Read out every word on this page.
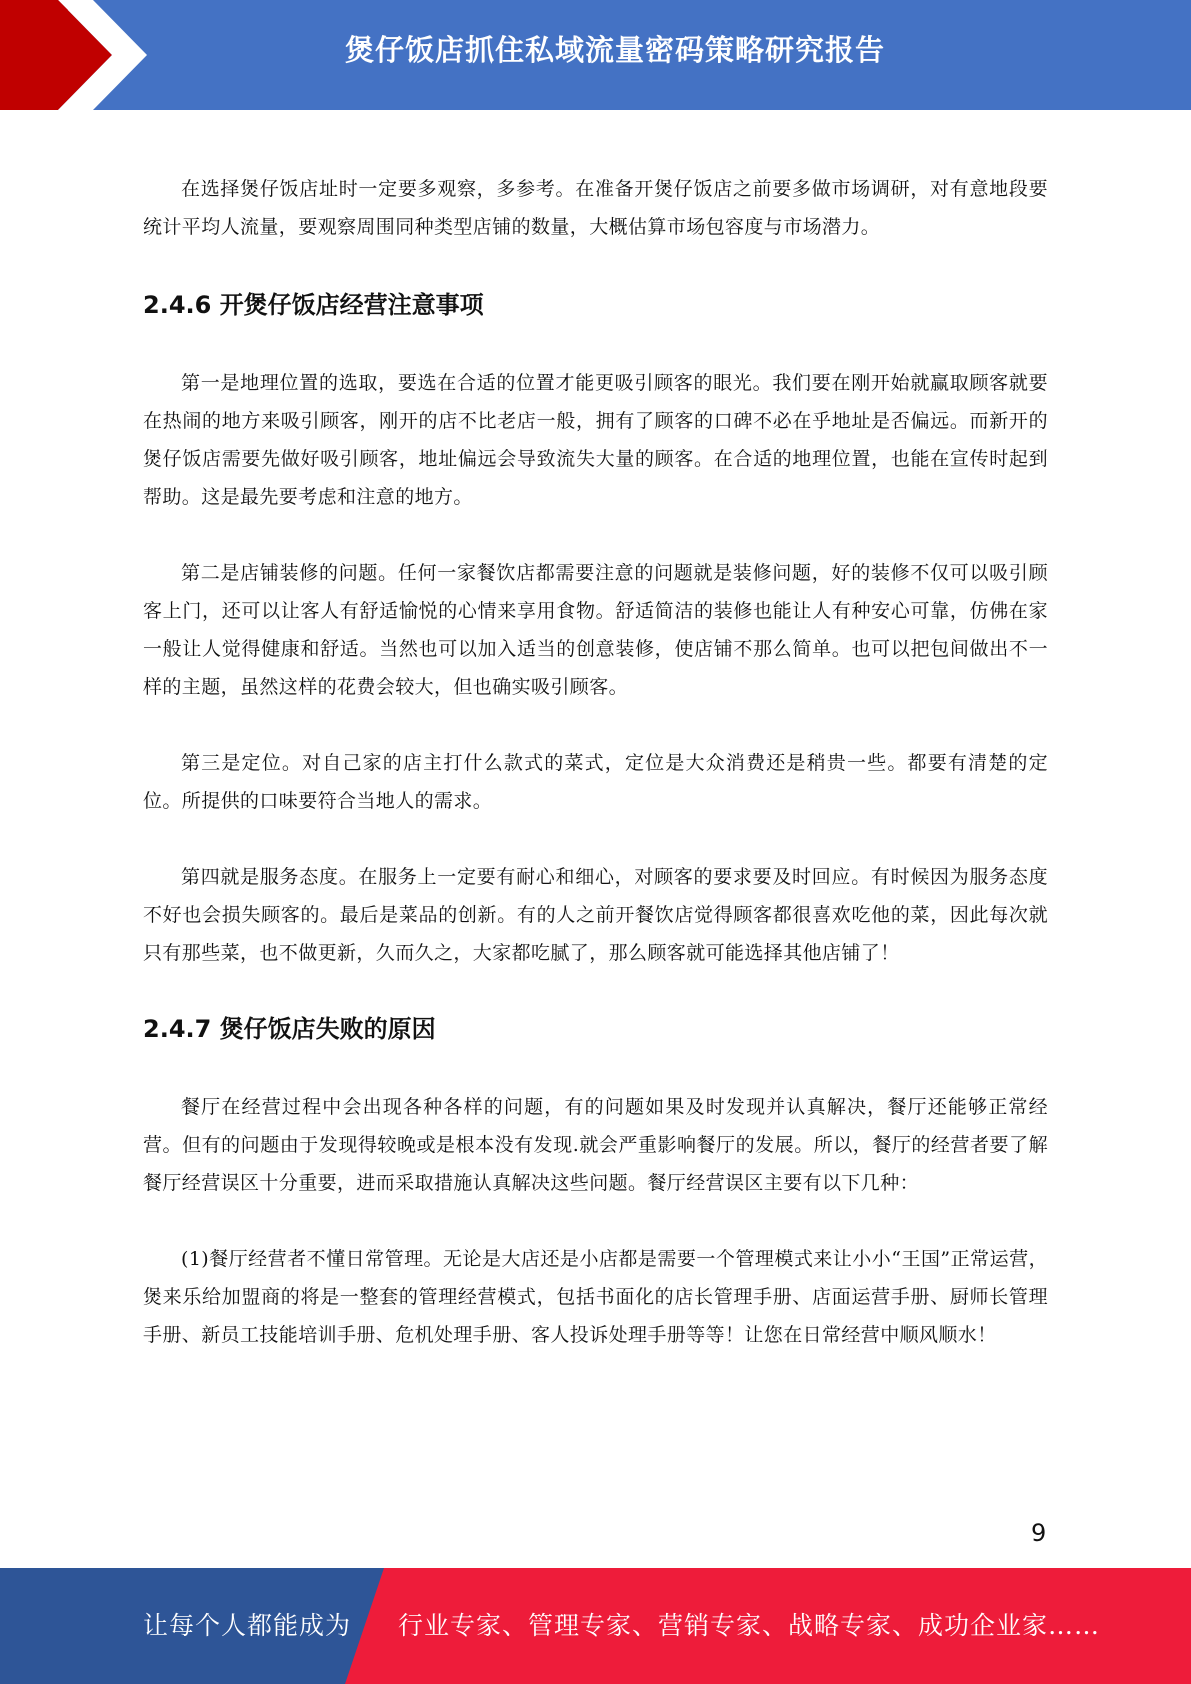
煲仔饭店抓住私域流量密码策略研究报告

在选择煲仔饭店址时一定要多观察，多参考。在准备开煲仔饭店之前要多做市场调研，对有意地段要统计平均人流量，要观察周围同种类型店铺的数量，大概估算市场包容度与市场潜力。

2.4.6 开煲仔饭店经营注意事项

第一是地理位置的选取，要选在合适的位置才能更吸引顾客的眼光。我们要在刚开始就赢取顾客就要在热闹的地方来吸引顾客，刚开的店不比老店一般，拥有了顾客的口碑不必在乎地址是否偏远。而新开的煲仔饭店需要先做好吸引顾客，地址偏远会导致流失大量的顾客。在合适的地理位置，也能在宣传时起到帮助。这是最先要考虑和注意的地方。

第二是店铺装修的问题。任何一家餐饮店都需要注意的问题就是装修问题，好的装修不仅可以吸引顾客上门，还可以让客人有舒适愉悦的心情来享用食物。舒适简洁的装修也能让人有种安心可靠，仿佛在家一般让人觉得健康和舒适。当然也可以加入适当的创意装修，使店铺不那么简单。也可以把包间做出不一样的主题，虽然这样的花费会较大，但也确实吸引顾客。

第三是定位。对自己家的店主打什么款式的菜式，定位是大众消费还是稍贵一些。都要有清楚的定位。所提供的口味要符合当地人的需求。

第四就是服务态度。在服务上一定要有耐心和细心，对顾客的要求要及时回应。有时候因为服务态度不好也会损失顾客的。最后是菜品的创新。有的人之前开餐饮店觉得顾客都很喜欢吃他的菜，因此每次就只有那些菜，也不做更新，久而久之，大家都吃腻了，那么顾客就可能选择其他店铺了！

2.4.7 煲仔饭店失败的原因

餐厅在经营过程中会出现各种各样的问题，有的问题如果及时发现并认真解决，餐厅还能够正常经营。但有的问题由于发现得较晚或是根本没有发现.就会严重影响餐厅的发展。所以，餐厅的经营者要了解餐厅经营误区十分重要，进而采取措施认真解决这些问题。餐厅经营误区主要有以下几种：

(1)餐厅经营者不懂日常管理。无论是大店还是小店都是需要一个管理模式来让小小“王国”正常运营，煲来乐给加盟商的将是一整套的管理经营模式，包括书面化的店长管理手册、店面运营手册、厨师长管理手册、新员工技能培训手册、危机处理手册、客人投诉处理手册等等！让您在日常经营中顺风顺水！

9
让每个人都能成为 行业专家、管理专家、营销专家、战略专家、成功企业家……
